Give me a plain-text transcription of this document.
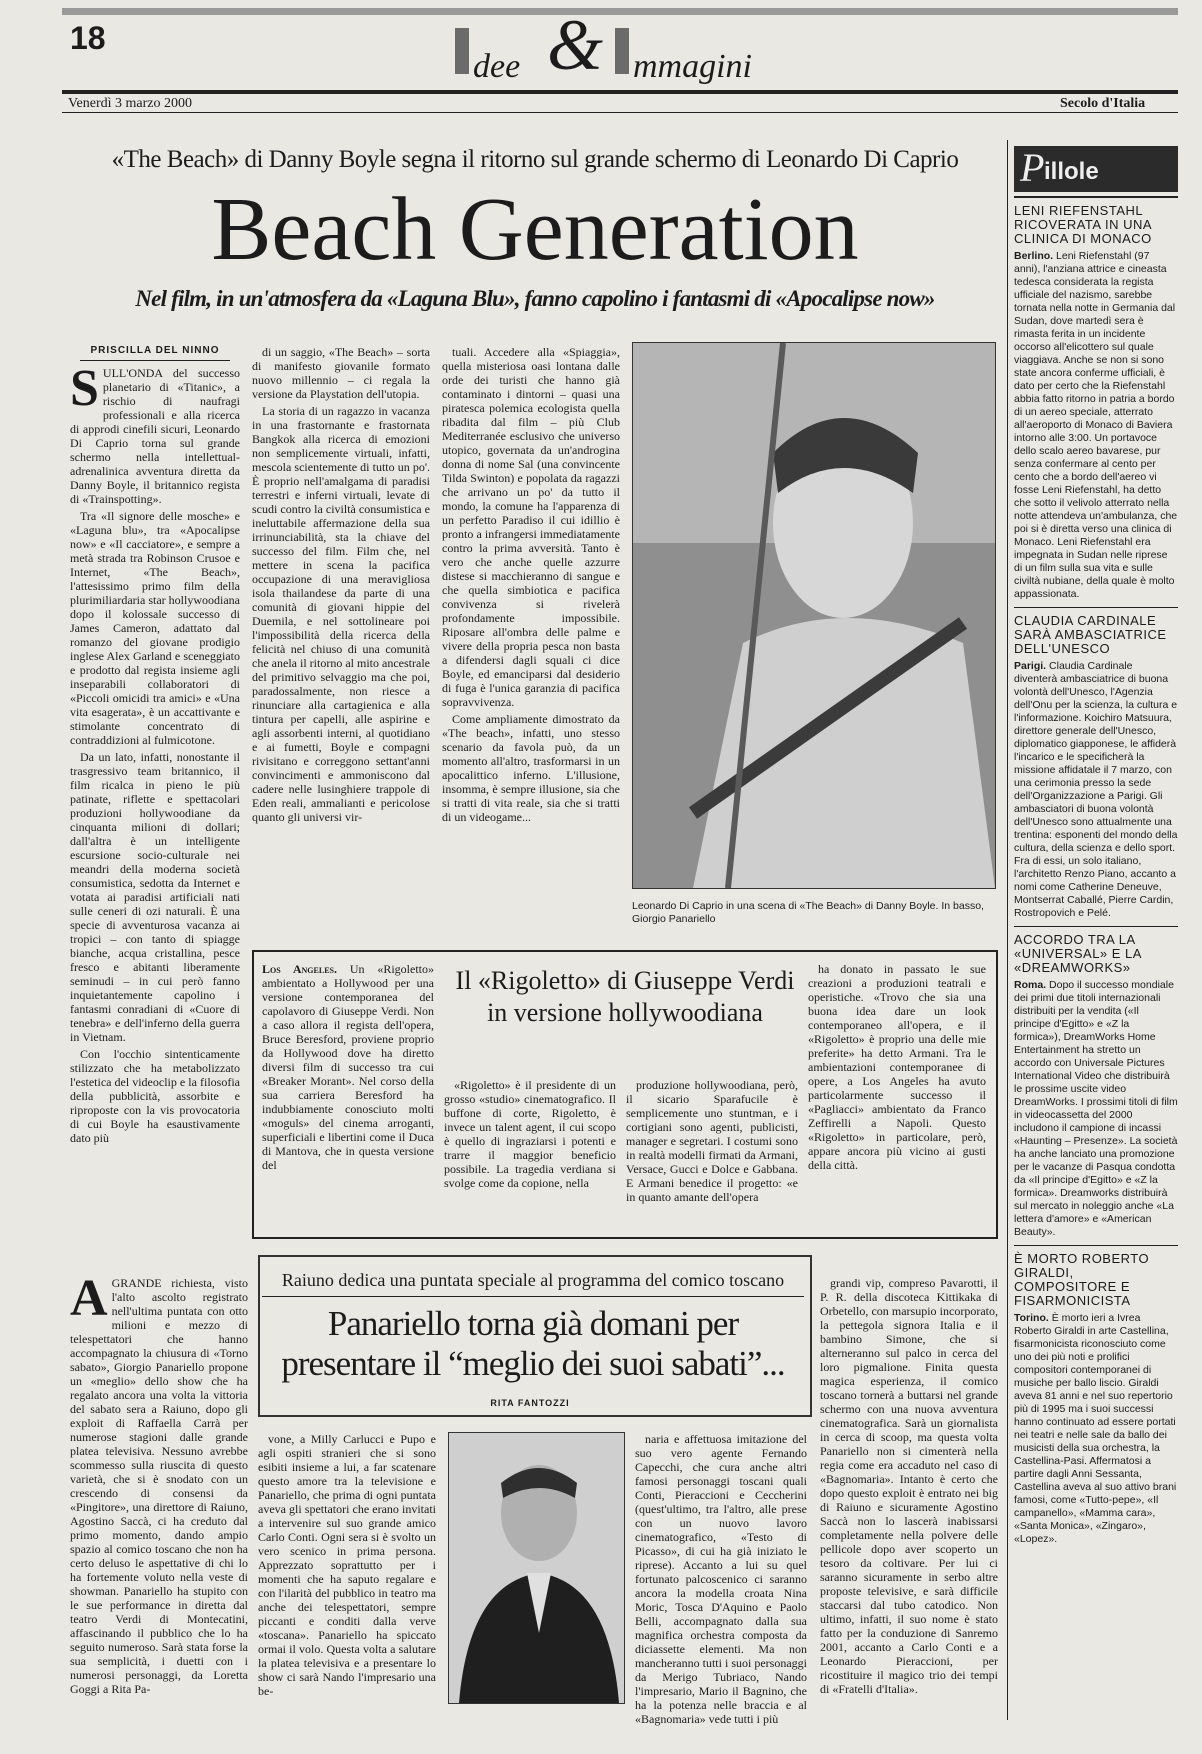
18
dee & mmagini
Venerdì 3 marzo 2000	Secolo d'Italia
«The Beach» di Danny Boyle segna il ritorno sul grande schermo di Leonardo Di Caprio
Beach Generation
Nel film, in un'atmosfera da «Laguna Blu», fanno capolino i fantasmi di «Apocalipse now»
PRISCILLA DEL NINNO
S ULL'ONDA del successo planetario di «Titanic», a rischio di naufragi professionali e alla ricerca di approdi cinefili sicuri, Leonardo Di Caprio torna sul grande schermo nella intellettual-adrenalinica avventura diretta da Danny Boyle, il britannico regista di «Trainspotting».

Tra «Il signore delle mosche» e «Laguna blu», tra «Apocalipse now» e «Il cacciatore», e sempre a metà strada tra Robinson Crusoe e Internet, «The Beach», l'attesissimo primo film della plurimiliardaria star hollywoodiana dopo il kolossale successo di James Cameron, adattato dal romanzo del giovane prodigio inglese Alex Garland e sceneggiato e prodotto dal regista insieme agli inseparabili collaboratori di «Piccoli omicidi tra amici» e «Una vita esagerata», è un accattivante e stimolante concentrato di contraddizioni al fulmicotone.

Da un lato, infatti, nonostante il trasgressivo team britannico, il film ricalca in pieno le più patinate, riflette e spettacolari produzioni hollywoodiane da cinquanta milioni di dollari; dall'altra è un intelligente escursione socio-culturale nei meandri della moderna società consumistica, sedotta da Internet e votata ai paradisi artificiali nati sulle ceneri di ozi naturali. È una specie di avventurosa vacanza ai tropici – con tanto di spiagge bianche, acqua cristallina, pesce fresco e abitanti liberamente seminudi – in cui però fanno inquietantemente capolino i fantasmi conradiani di «Cuore di tenebra» e dell'inferno della guerra in Vietnam.

Con l'occhio sintenticamente stilizzato che ha metabolizzato l'estetica del videoclip e la filosofia della pubblicità, assorbite e riproposte con la vis provocatoria di cui Boyle ha esaustivamente dato più

di un saggio, «The Beach» – sorta di manifesto giovanile formato nuovo millennio – ci regala la versione da Playstation dell'utopia.

La storia di un ragazzo in vacanza in una frastornante e frastornata Bangkok alla ricerca di emozioni non semplicemente virtuali, infatti, mescola scientemente di tutto un po'. È proprio nell'amalgama di paradisi terrestri e inferni virtuali, levate di scudi contro la civiltà consumistica e ineluttabile affermazione della sua irrinunciabilità, sta la chiave del successo del film. Film che, nel mettere in scena la pacifica occupazione di una meravigliosa isola thailandese da parte di una comunità di giovani hippie del Duemila, e nel sottolineare poi l'impossibilità della ricerca della felicità nel chiuso di una comunità che anela il ritorno al mito ancestrale del primitivo selvaggio ma che poi, paradossalmente, non riesce a rinunciare alla cartagienica e alla tintura per capelli, alle aspirine e agli assorbenti interni, al quotidiano e ai fumetti, Boyle e compagni rivisitano e correggono settant'anni convincimenti e ammoniscono dal cadere nelle lusinghiere trappole di Eden reali, ammalianti e pericolose quanto gli universi vir-

tuali. Accedere alla «Spiaggia», quella misteriosa oasi lontana dalle orde dei turisti che hanno già contaminato i dintorni – quasi una piratesca polemica ecologista quella ribadita dal film – più Club Mediterranée esclusivo che universo utopico, governata da un'androgina donna di nome Sal (una convincente Tilda Swinton) e popolata da ragazzi che arrivano un po' da tutto il mondo, la comune ha l'apparenza di un perfetto Paradiso il cui idillio è pronto a infrangersi immediatamente contro la prima avversità. Tanto è vero che anche quelle azzurre distese si macchieranno di sangue e che quella simbiotica e pacifica convivenza si rivelerà profondamente impossibile. Riposare all'ombra delle palme e vivere della propria pesca non basta a difendersi dagli squali ci dice Boyle, ed emanciparsi dal desiderio di fuga è l'unica garanzia di pacifica sopravvivenza.

Come ampliamente dimostrato da «The beach», infatti, uno stesso scenario da favola può, da un momento all'altro, trasformarsi in un apocalittico inferno. L'illusione, insomma, è sempre illusione, sia che si tratti di vita reale, sia che si tratti di un videogame...

Leonardo Di Caprio in una scena di «The Beach» di Danny Boyle. In basso, Giorgio Panariello
Il «Rigoletto» di Giuseppe Verdi in versione hollywoodiana

Los Angeles. Un «Rigoletto» ambientato a Hollywood per una versione contemporanea del capolavoro di Giuseppe Verdi. Non a caso allora il regista dell'opera, Bruce Beresford, proviene proprio da Hollywood dove ha diretto diversi film di successo tra cui «Breaker Morant». Nel corso della sua carriera Beresford ha indubbiamente conosciuto molti «moguls» del cinema arroganti, superficiali e libertini come il Duca di Mantova, che in questa versione del

«Rigoletto» è il presidente di un grosso «studio» cinematografico. Il buffone di corte, Rigoletto, è invece un talent agent, il cui scopo è quello di ingraziarsi i potenti e trarre il maggior beneficio possibile. La tragedia verdiana si svolge come da copione, nella

produzione hollywoodiana, però, il sicario Sparafucile è semplicemente uno stuntman, e i cortigiani sono agenti, publicisti, manager e segretari. I costumi sono in realtà modelli firmati da Armani, Versace, Gucci e Dolce e Gabbana. E Armani benedice il progetto: «e in quanto amante dell'opera

ha donato in passato le sue creazioni a produzioni teatrali e operistiche. «Trovo che sia una buona idea dare un look contemporaneo all'opera, e il «Rigoletto» è proprio una delle mie preferite» ha detto Armani. Tra le ambientazioni contemporanee di opere, a Los Angeles ha avuto particolarmente successo il «Pagliacci» ambientato da Franco Zeffirelli a Napoli. Questo «Rigoletto» in particolare, però, appare ancora più vicino ai gusti della città.

Raiuno dedica una puntata speciale al programma del comico toscano
Panariello torna già domani per presentare il “meglio dei suoi sabati”...
RITA FANTOZZI
A GRANDE richiesta, visto l'alto ascolto registrato nell'ultima puntata con otto milioni e mezzo di telespettatori che hanno accompagnato la chiusura di «Torno sabato», Giorgio Panariello propone un «meglio» dello show che ha regalato ancora una volta la vittoria del sabato sera a Raiuno, dopo gli exploit di Raffaella Carrà per numerose stagioni dalle grande platea televisiva. Nessuno avrebbe scommesso sulla riuscita di questo varietà, che si è snodato con un crescendo di consensi da «Pingitore», una direttore di Raiuno, Agostino Saccà, ci ha creduto dal primo momento, dando ampio spazio al comico toscano che non ha certo deluso le aspettative di chi lo ha fortemente voluto nella veste di showman. Panariello ha stupito con le sue performance in diretta dal teatro Verdi di Montecatini, affascinando il pubblico che lo ha seguito numeroso. Sarà stata forse la sua semplicità, i duetti con i numerosi personaggi, da Loretta Goggi a Rita Pa-

vone, a Milly Carlucci e Pupo e agli ospiti stranieri che si sono esibiti insieme a lui, a far scatenare questo amore tra la televisione e Panariello, che prima di ogni puntata aveva gli spettatori che erano invitati a intervenire sul suo grande amico Carlo Conti. Ogni sera si è svolto un vero scenico in prima persona. Apprezzato soprattutto per i momenti che ha saputo regalare e con l'ilarità del pubblico in teatro ma anche dei telespettatori, sempre piccanti e conditi dalla verve «toscana». Panariello ha spiccato ormai il volo. Questa volta a salutare la platea televisiva e a presentare lo show ci sarà Nando l'impresario una be-

naria e affettuosa imitazione del suo vero agente Fernando Capecchi, che cura anche altri famosi personaggi toscani quali Conti, Pieraccioni e Ceccherini (quest'ultimo, tra l'altro, alle prese con un nuovo lavoro cinematografico, «Testo di Picasso», di cui ha già iniziato le riprese). Accanto a lui su quel fortunato palcoscenico ci saranno ancora la modella croata Nina Moric, Tosca D'Aquino e Paolo Belli, accompagnato dalla sua magnifica orchestra composta da diciassette elementi. Ma non mancheranno tutti i suoi personaggi da Merigo Tubriaco, Nando l'impresario, Mario il Bagnino, che ha la potenza nelle braccia e al «Bagnomaria» vede tutti i più

grandi vip, compreso Pavarotti, il P. R. della discoteca Kittikaka di Orbetello, con marsupio incorporato, la pettegola signora Italia e il bambino Simone, che si alterneranno sul palco in cerca del loro pigmalione. Finita questa magica esperienza, il comico toscano tornerà a buttarsi nel grande schermo con una nuova avventura cinematografica. Sarà un giornalista in cerca di scoop, ma questa volta Panariello non si cimenterà nella regia come era accaduto nel caso di «Bagnomaria». Intanto è certo che dopo questo exploit è entrato nei big di Raiuno e sicuramente Agostino Saccà non lo lascerà inabissarsi completamente nella polvere delle pellicole dopo aver scoperto un tesoro da coltivare. Per lui ci saranno sicuramente in serbo altre proposte televisive, e sarà difficile staccarsi dal tubo catodico. Non ultimo, infatti, il suo nome è stato fatto per la conduzione di Sanremo 2001, accanto a Carlo Conti e a Leonardo Pieraccioni, per ricostituire il magico trio dei tempi di «Fratelli d'Italia».

P illole
LENI RIEFENSTAHL RICOVERATA IN UNA CLINICA DI MONACO
Berlino. Leni Riefenstahl (97 anni), l'anziana attrice e cineasta tedesca considerata la regista ufficiale del nazismo, sarebbe tornata nella notte in Germania dal Sudan, dove martedì sera è rimasta ferita in un incidente occorso all'elicottero sul quale viaggiava. Anche se non si sono state ancora conferme ufficiali, è dato per certo che la Riefenstahl abbia fatto ritorno in patria a bordo di un aereo speciale, atterrato all'aeroporto di Monaco di Baviera intorno alle 3:00. Un portavoce dello scalo aereo bavarese, pur senza confermare al cento per cento che a bordo dell'aereo vi fosse Leni Riefenstahl, ha detto che sotto il velivolo atterrato nella notte attendeva un'ambulanza, che poi si è diretta verso una clinica di Monaco. Leni Riefenstahl era impegnata in Sudan nelle riprese di un film sulla sua vita e sulle civiltà nubiane, della quale è molto appassionata.
CLAUDIA CARDINALE SARÀ AMBASCIATRICE DELL'UNESCO
Parigi. Claudia Cardinale diventerà ambasciatrice di buona volontà dell'Unesco, l'Agenzia dell'Onu per la scienza, la cultura e l'informazione. Koichiro Matsuura, direttore generale dell'Unesco, diplomatico giapponese, le affiderà l'incarico e le specificherà la missione affidatale il 7 marzo, con una cerimonia presso la sede dell'Organizzazione a Parigi. Gli ambasciatori di buona volontà dell'Unesco sono attualmente una trentina: esponenti del mondo della cultura, della scienza e dello sport. Fra di essi, un solo italiano, l'architetto Renzo Piano, accanto a nomi come Catherine Deneuve, Montserrat Caballé, Pierre Cardin, Rostropovich e Pelé.
ACCORDO TRA LA «UNIVERSAL» E LA «DREAMWORKS»
Roma. Dopo il successo mondiale dei primi due titoli internazionali distribuiti per la vendita («Il principe d'Egitto» e «Z la formica»), DreamWorks Home Entertainment ha stretto un accordo con Universale Pictures International Video che distribuirà le prossime uscite video DreamWorks. I prossimi titoli di film in videocassetta del 2000 includono il campione di incassi «Haunting – Presenze». La società ha anche lanciato una promozione per le vacanze di Pasqua condotta da «Il principe d'Egitto» e «Z la formica». Dreamworks distribuirà sul mercato in noleggio anche «La lettera d'amore» e «American Beauty».
È MORTO ROBERTO GIRALDI, COMPOSITORE E FISARMONICISTA
Torino. È morto ieri a Ivrea Roberto Giraldi in arte Castellina, fisarmonicista riconosciuto come uno dei più noti e prolifici compositori contemporanei di musiche per ballo liscio. Giraldi aveva 81 anni e nel suo repertorio più di 1995 ma i suoi successi hanno continuato ad essere portati nei teatri e nelle sale da ballo dei musicisti della sua orchestra, la Castellina-Pasi. Affermatosi a partire dagli Anni Sessanta, Castellina aveva al suo attivo brani famosi, come «Tutto-pepe», «Il campanello», «Mamma cara», «Santa Monica», «Zingaro», «Lopez».
